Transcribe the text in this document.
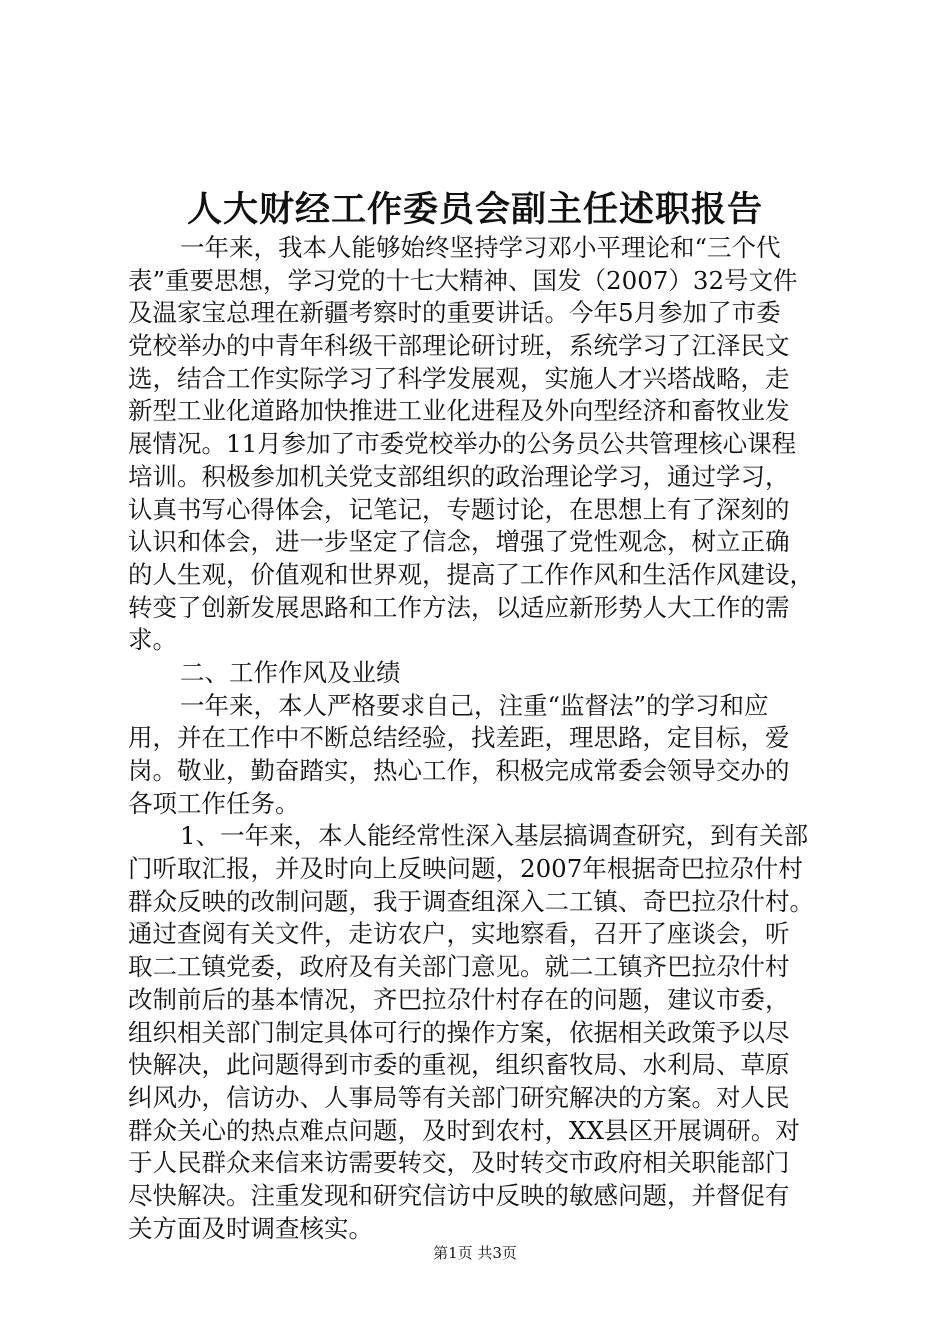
人大财经工作委员会副主任述职报告
一年来，我本人能够始终坚持学习邓小平理论和“三个代
表”重要思想，学习党的十七大精神、国发（2007）32号文件
及温家宝总理在新疆考察时的重要讲话。今年5月参加了市委
党校举办的中青年科级干部理论研讨班，系统学习了江泽民文
选，结合工作实际学习了科学发展观，实施人才兴塔战略，走
新型工业化道路加快推进工业化进程及外向型经济和畜牧业发
展情况。11月参加了市委党校举办的公务员公共管理核心课程
培训。积极参加机关党支部组织的政治理论学习，通过学习，
认真书写心得体会，记笔记，专题讨论，在思想上有了深刻的
认识和体会，进一步坚定了信念，增强了党性观念，树立正确
的人生观，价值观和世界观，提高了工作作风和生活作风建设，
转变了创新发展思路和工作方法，以适应新形势人大工作的需
求。
二、工作作风及业绩
一年来，本人严格要求自己，注重“监督法”的学习和应
用，并在工作中不断总结经验，找差距，理思路，定目标，爱
岗。敬业，勤奋踏实，热心工作，积极完成常委会领导交办的
各项工作任务。
1、一年来，本人能经常性深入基层搞调查研究，到有关部
门听取汇报，并及时向上反映问题，2007年根据奇巴拉尕什村
群众反映的改制问题，我于调查组深入二工镇、奇巴拉尕什村。
通过查阅有关文件，走访农户，实地察看，召开了座谈会，听
取二工镇党委，政府及有关部门意见。就二工镇齐巴拉尕什村
改制前后的基本情况，齐巴拉尕什村存在的问题，建议市委，
组织相关部门制定具体可行的操作方案，依据相关政策予以尽
快解决，此问题得到市委的重视，组织畜牧局、水利局、草原
纠风办，信访办、人事局等有关部门研究解决的方案。对人民
群众关心的热点难点问题，及时到农村，XX县区开展调研。对
于人民群众来信来访需要转交，及时转交市政府相关职能部门
尽快解决。注重发现和研究信访中反映的敏感问题，并督促有
关方面及时调查核实。
第1页 共3页
